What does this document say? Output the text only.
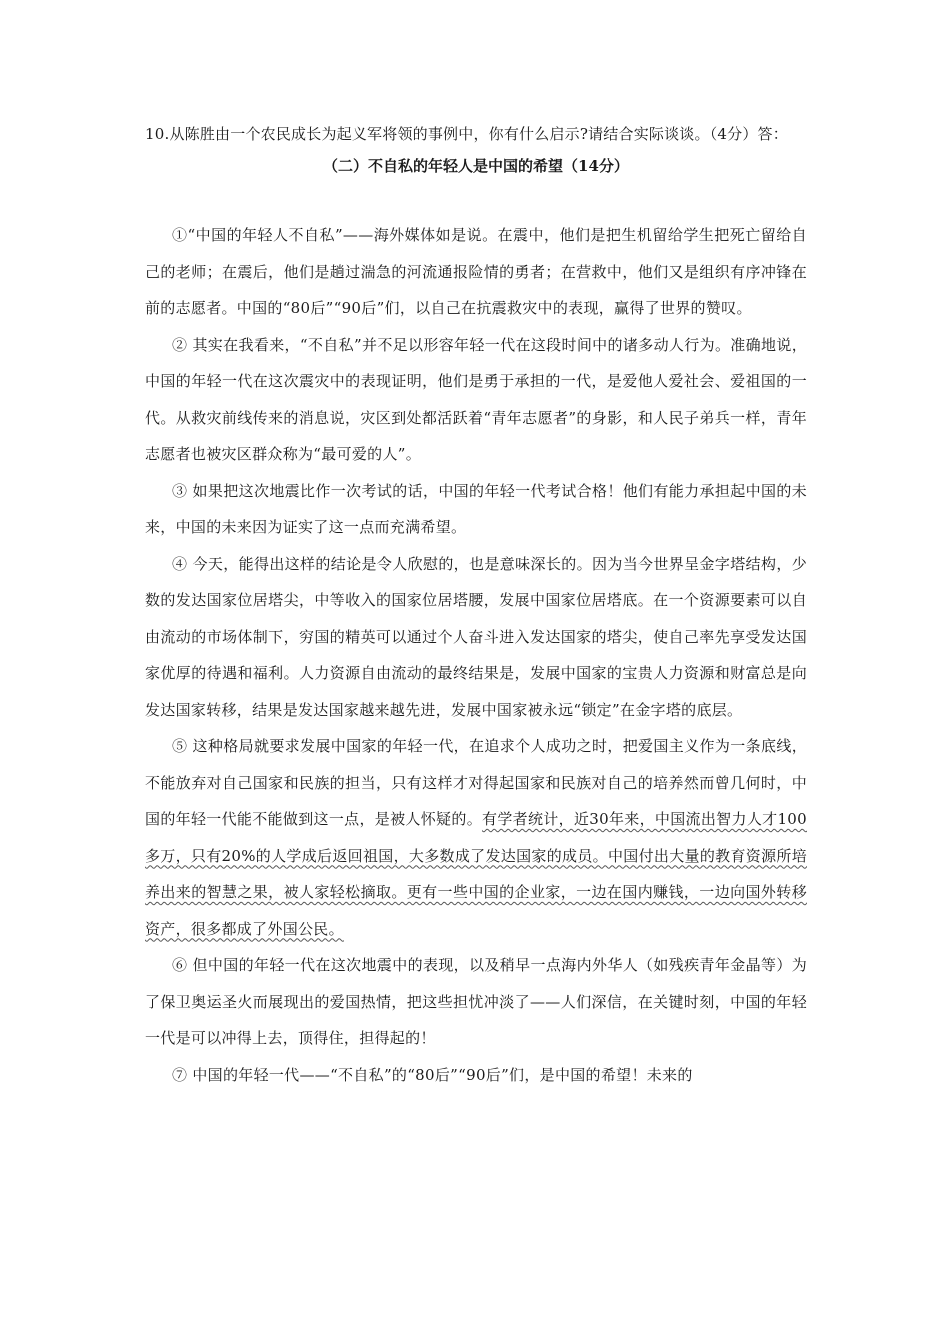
10.从陈胜由一个农民成长为起义军将领的事例中，你有什么启示?请结合实际谈谈。（4分）答：

（二）不自私的年轻人是中国的希望（14分）

①“中国的年轻人不自私”——海外媒体如是说。在震中，他们是把生机留给学生把死亡留给自己的老师；在震后，他们是趟过湍急的河流通报险情的勇者；在营救中，他们又是组织有序冲锋在前的志愿者。中国的“80后”“90后”们，以自己在抗震救灾中的表现，赢得了世界的赞叹。

② 其实在我看来，“不自私”并不足以形容年轻一代在这段时间中的诸多动人行为。准确地说，中国的年轻一代在这次震灾中的表现证明，他们是勇于承担的一代，是爱他人爱社会、爱祖国的一代。从救灾前线传来的消息说，灾区到处都活跃着“青年志愿者”的身影，和人民子弟兵一样，青年志愿者也被灾区群众称为“最可爱的人”。

③ 如果把这次地震比作一次考试的话，中国的年轻一代考试合格！他们有能力承担起中国的未来，中国的未来因为证实了这一点而充满希望。

④ 今天，能得出这样的结论是令人欣慰的，也是意味深长的。因为当今世界呈金字塔结构，少数的发达国家位居塔尖，中等收入的国家位居塔腰，发展中国家位居塔底。在一个资源要素可以自由流动的市场体制下，穷国的精英可以通过个人奋斗进入发达国家的塔尖，使自己率先享受发达国家优厚的待遇和福利。人力资源自由流动的最终结果是，发展中国家的宝贵人力资源和财富总是向发达国家转移，结果是发达国家越来越先进，发展中国家被永远“锁定”在金字塔的底层。

⑤ 这种格局就要求发展中国家的年轻一代，在追求个人成功之时，把爱国主义作为一条底线，不能放弃对自己国家和民族的担当，只有这样才对得起国家和民族对自己的培养然而曾几何时，中国的年轻一代能不能做到这一点，是被人怀疑的。有学者统计，近30年来，中国流出智力人才100多万，只有20%的人学成后返回祖国，大多数成了发达国家的成员。中国付出大量的教育资源所培养出来的智慧之果，被人家轻松摘取。更有一些中国的企业家，一边在国内赚钱，一边向国外转移资产，很多都成了外国公民。

⑥ 但中国的年轻一代在这次地震中的表现，以及稍早一点海内外华人（如残疾青年金晶等）为了保卫奥运圣火而展现出的爱国热情，把这些担忧冲淡了——人们深信，在关键时刻，中国的年轻一代是可以冲得上去，顶得住，担得起的！

⑦ 中国的年轻一代——“不自私”的“80后”“90后”们，是中国的希望！未来的
